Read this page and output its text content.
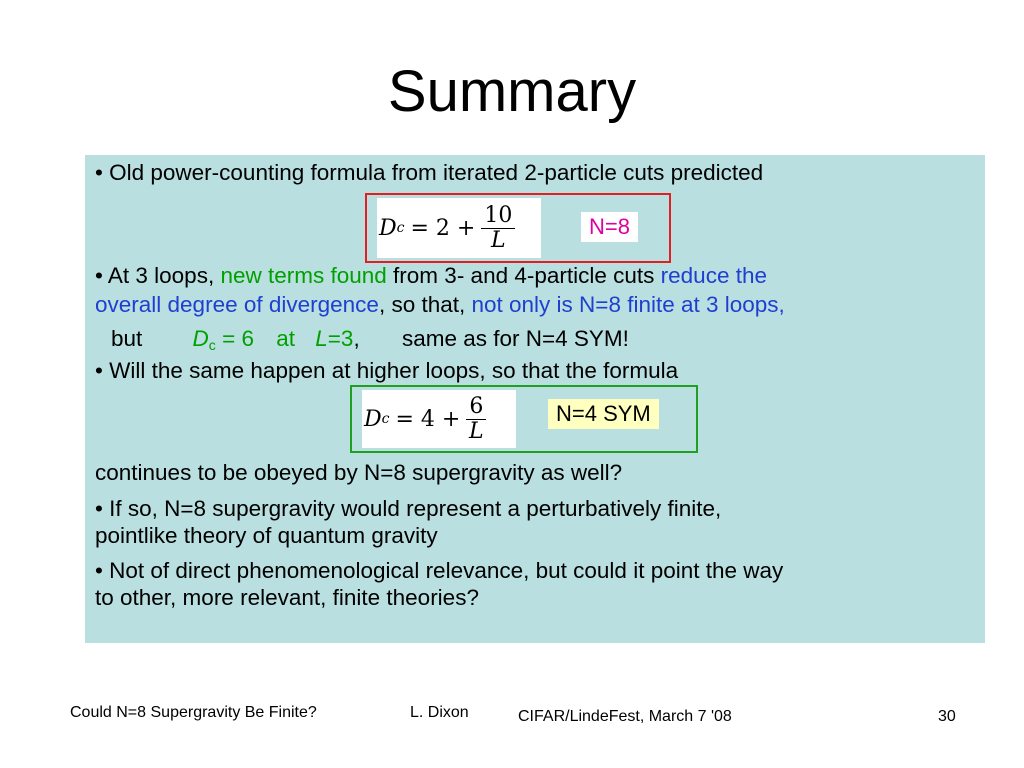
Summary
• Old power-counting formula from iterated 2-particle cuts predicted
D $c = 2 + \frac{10}{L}$	N=8
• At 3 loops, new terms found from 3- and 4-particle cuts reduce the
overall degree of divergence, so that, not only is N=8 finite at 3 loops,
but $D_c = 6$ at L=3, same as for N=4 SYM!
• Will the same happen at higher loops, so that the formula
D $c = 4 + \frac{6}{L}$	N=4 SYM
continues to be obeyed by N=8 supergravity as well?
• If so, N=8 supergravity would represent a perturbatively finite,
pointlike theory of quantum gravity
• Not of direct phenomenological relevance, but could it point the way
to other, more relevant, finite theories?
Could N=8 Supergravity Be Finite?	L. Dixon	CIFAR/LindeFest, March 7 '08	30
